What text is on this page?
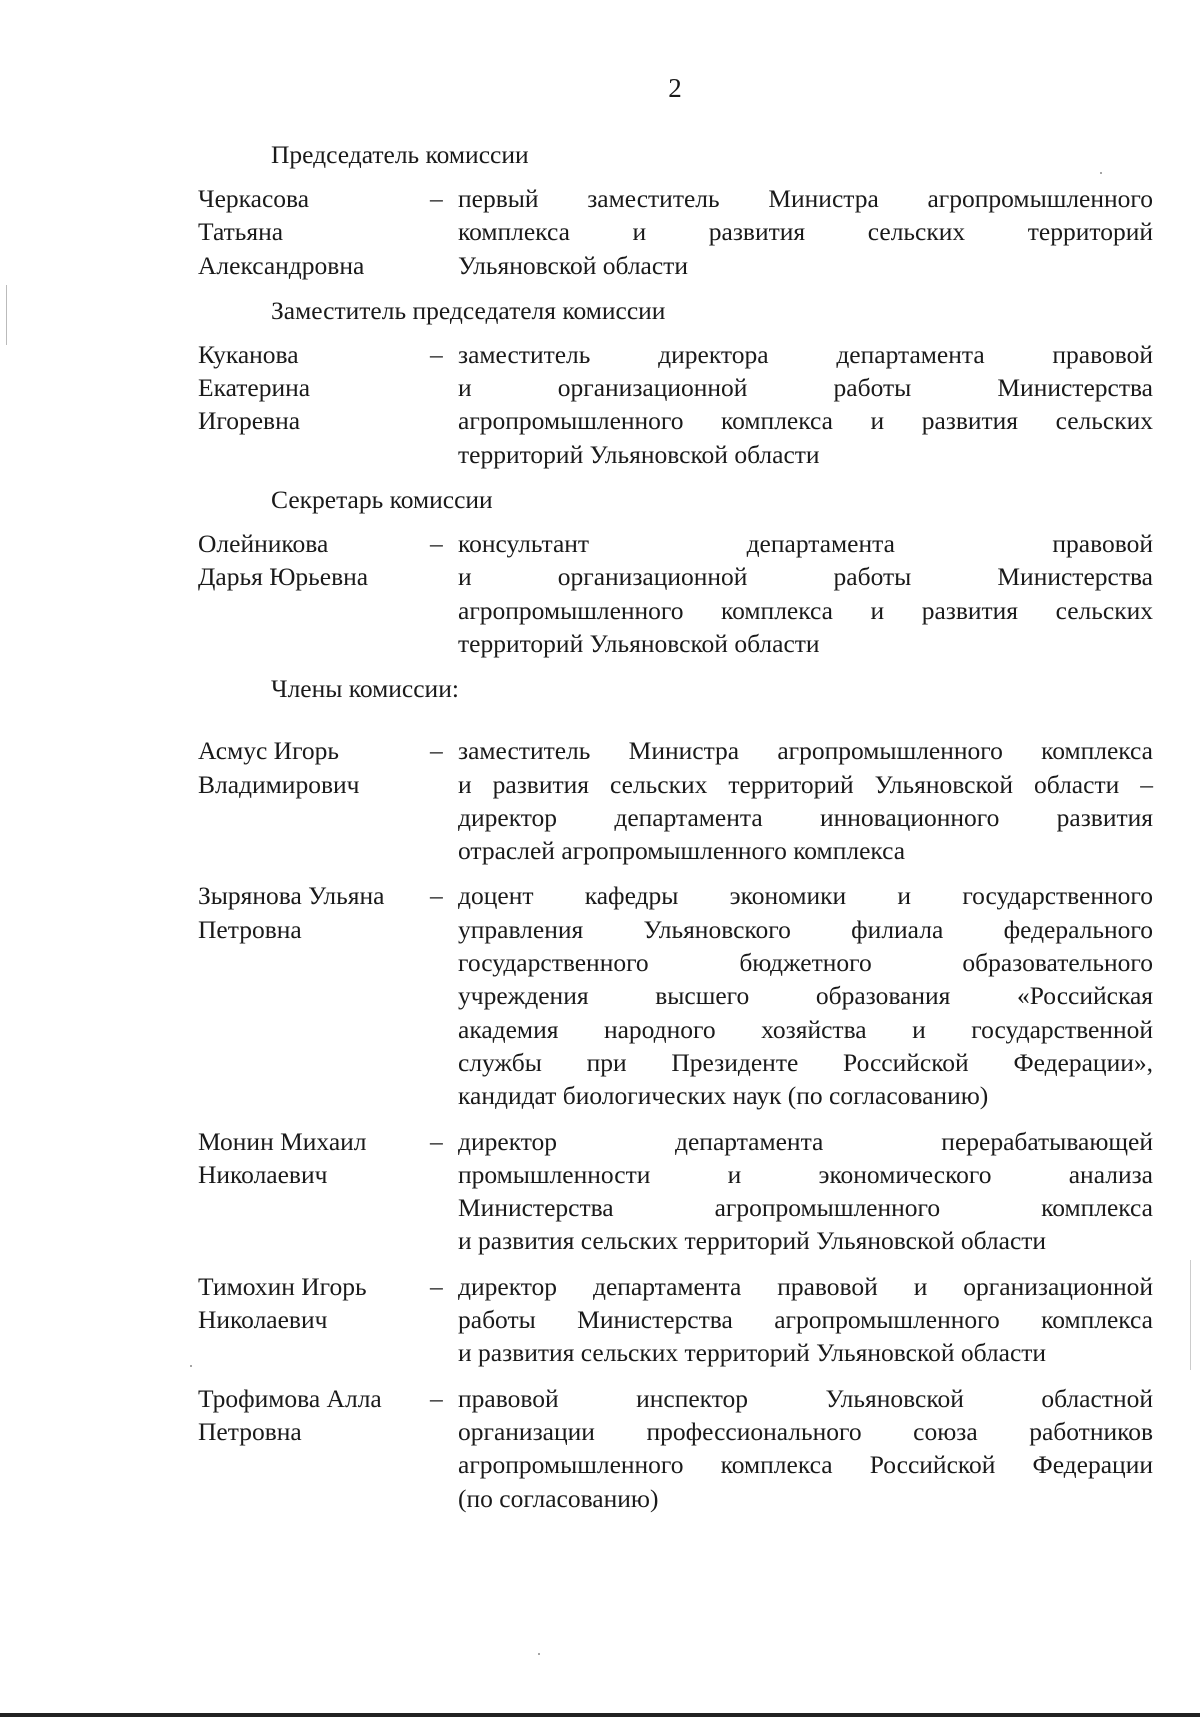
2
Председатель комиссии
Черкасова
Татьяна
Александровна
– первый заместитель Министра агропромышленного
комплекса и развития сельских территорий
Ульяновской области
Заместитель председателя комиссии
Куканова
Екатерина
Игоревна
– заместитель директора департамента правовой
и организационной работы Министерства
агропромышленного комплекса и развития сельских
территорий Ульяновской области
Секретарь комиссии
Олейникова
Дарья Юрьевна
– консультант департамента правовой
и организационной работы Министерства
агропромышленного комплекса и развития сельских
территорий Ульяновской области
Члены комиссии:
Асмус Игорь
Владимирович
– заместитель Министра агропромышленного комплекса
и развития сельских территорий Ульяновской области –
директор департамента инновационного развития
отраслей агропромышленного комплекса
Зырянова Ульяна
Петровна
– доцент кафедры экономики и государственного
управления Ульяновского филиала федерального
государственного бюджетного образовательного
учреждения высшего образования «Российская
академия народного хозяйства и государственной
службы при Президенте Российской Федерации»,
кандидат биологических наук (по согласованию)
Монин Михаил
Николаевич
– директор департамента перерабатывающей
промышленности и экономического анализа
Министерства агропромышленного комплекса
и развития сельских территорий Ульяновской области
Тимохин Игорь
Николаевич
– директор департамента правовой и организационной
работы Министерства агропромышленного комплекса
и развития сельских территорий Ульяновской области
Трофимова Алла
Петровна
– правовой инспектор Ульяновской областной
организации профессионального союза работников
агропромышленного комплекса Российской Федерации
(по согласованию)
